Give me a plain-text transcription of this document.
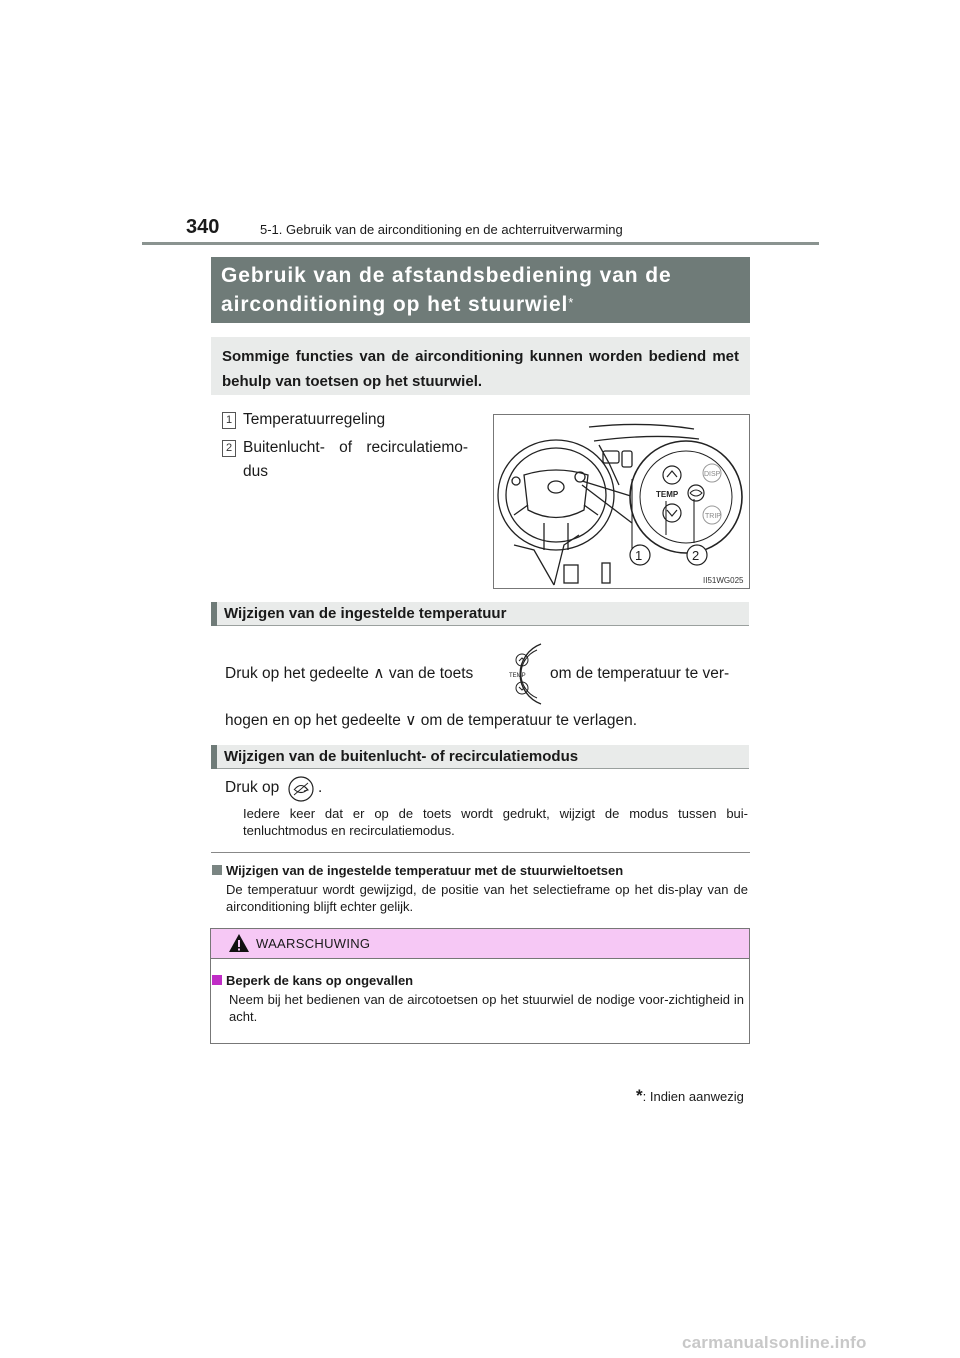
340	5-1. Gebruik van de airconditioning en de achterruitverwarming
Gebruik van de afstandsbediening van de
airconditioning op het stuurwiel*
Sommige functies van de airconditioning kunnen worden bediend met behulp van toetsen op het stuurwiel.
1 Temperatuurregeling
2 Buitenlucht- of recirculatiemo-
dus
TEMP
DISP
TRIP
1	2
II51WG025
Wijzigen van de ingestelde temperatuur
Druk op het gedeelte ∧ van de toets	TEMP om de temperatuur te ver-
hogen en op het gedeelte ∨ om de temperatuur te verlagen.
Wijzigen van de buitenlucht- of recirculatiemodus
Druk op .
Iedere keer dat er op de toets wordt gedrukt, wijzigt de modus tussen bui-tenluchtmodus en recirculatiemodus.
Wijzigen van de ingestelde temperatuur met de stuurwieltoetsen
De temperatuur wordt gewijzigd, de positie van het selectieframe op het dis-play van de airconditioning blijft echter gelijk.
WAARSCHUWING
Beperk de kans op ongevallen
Neem bij het bedienen van de aircotoetsen op het stuurwiel de nodige voor-zichtigheid in acht.
*: Indien aanwezig
carmanualsonline.info
